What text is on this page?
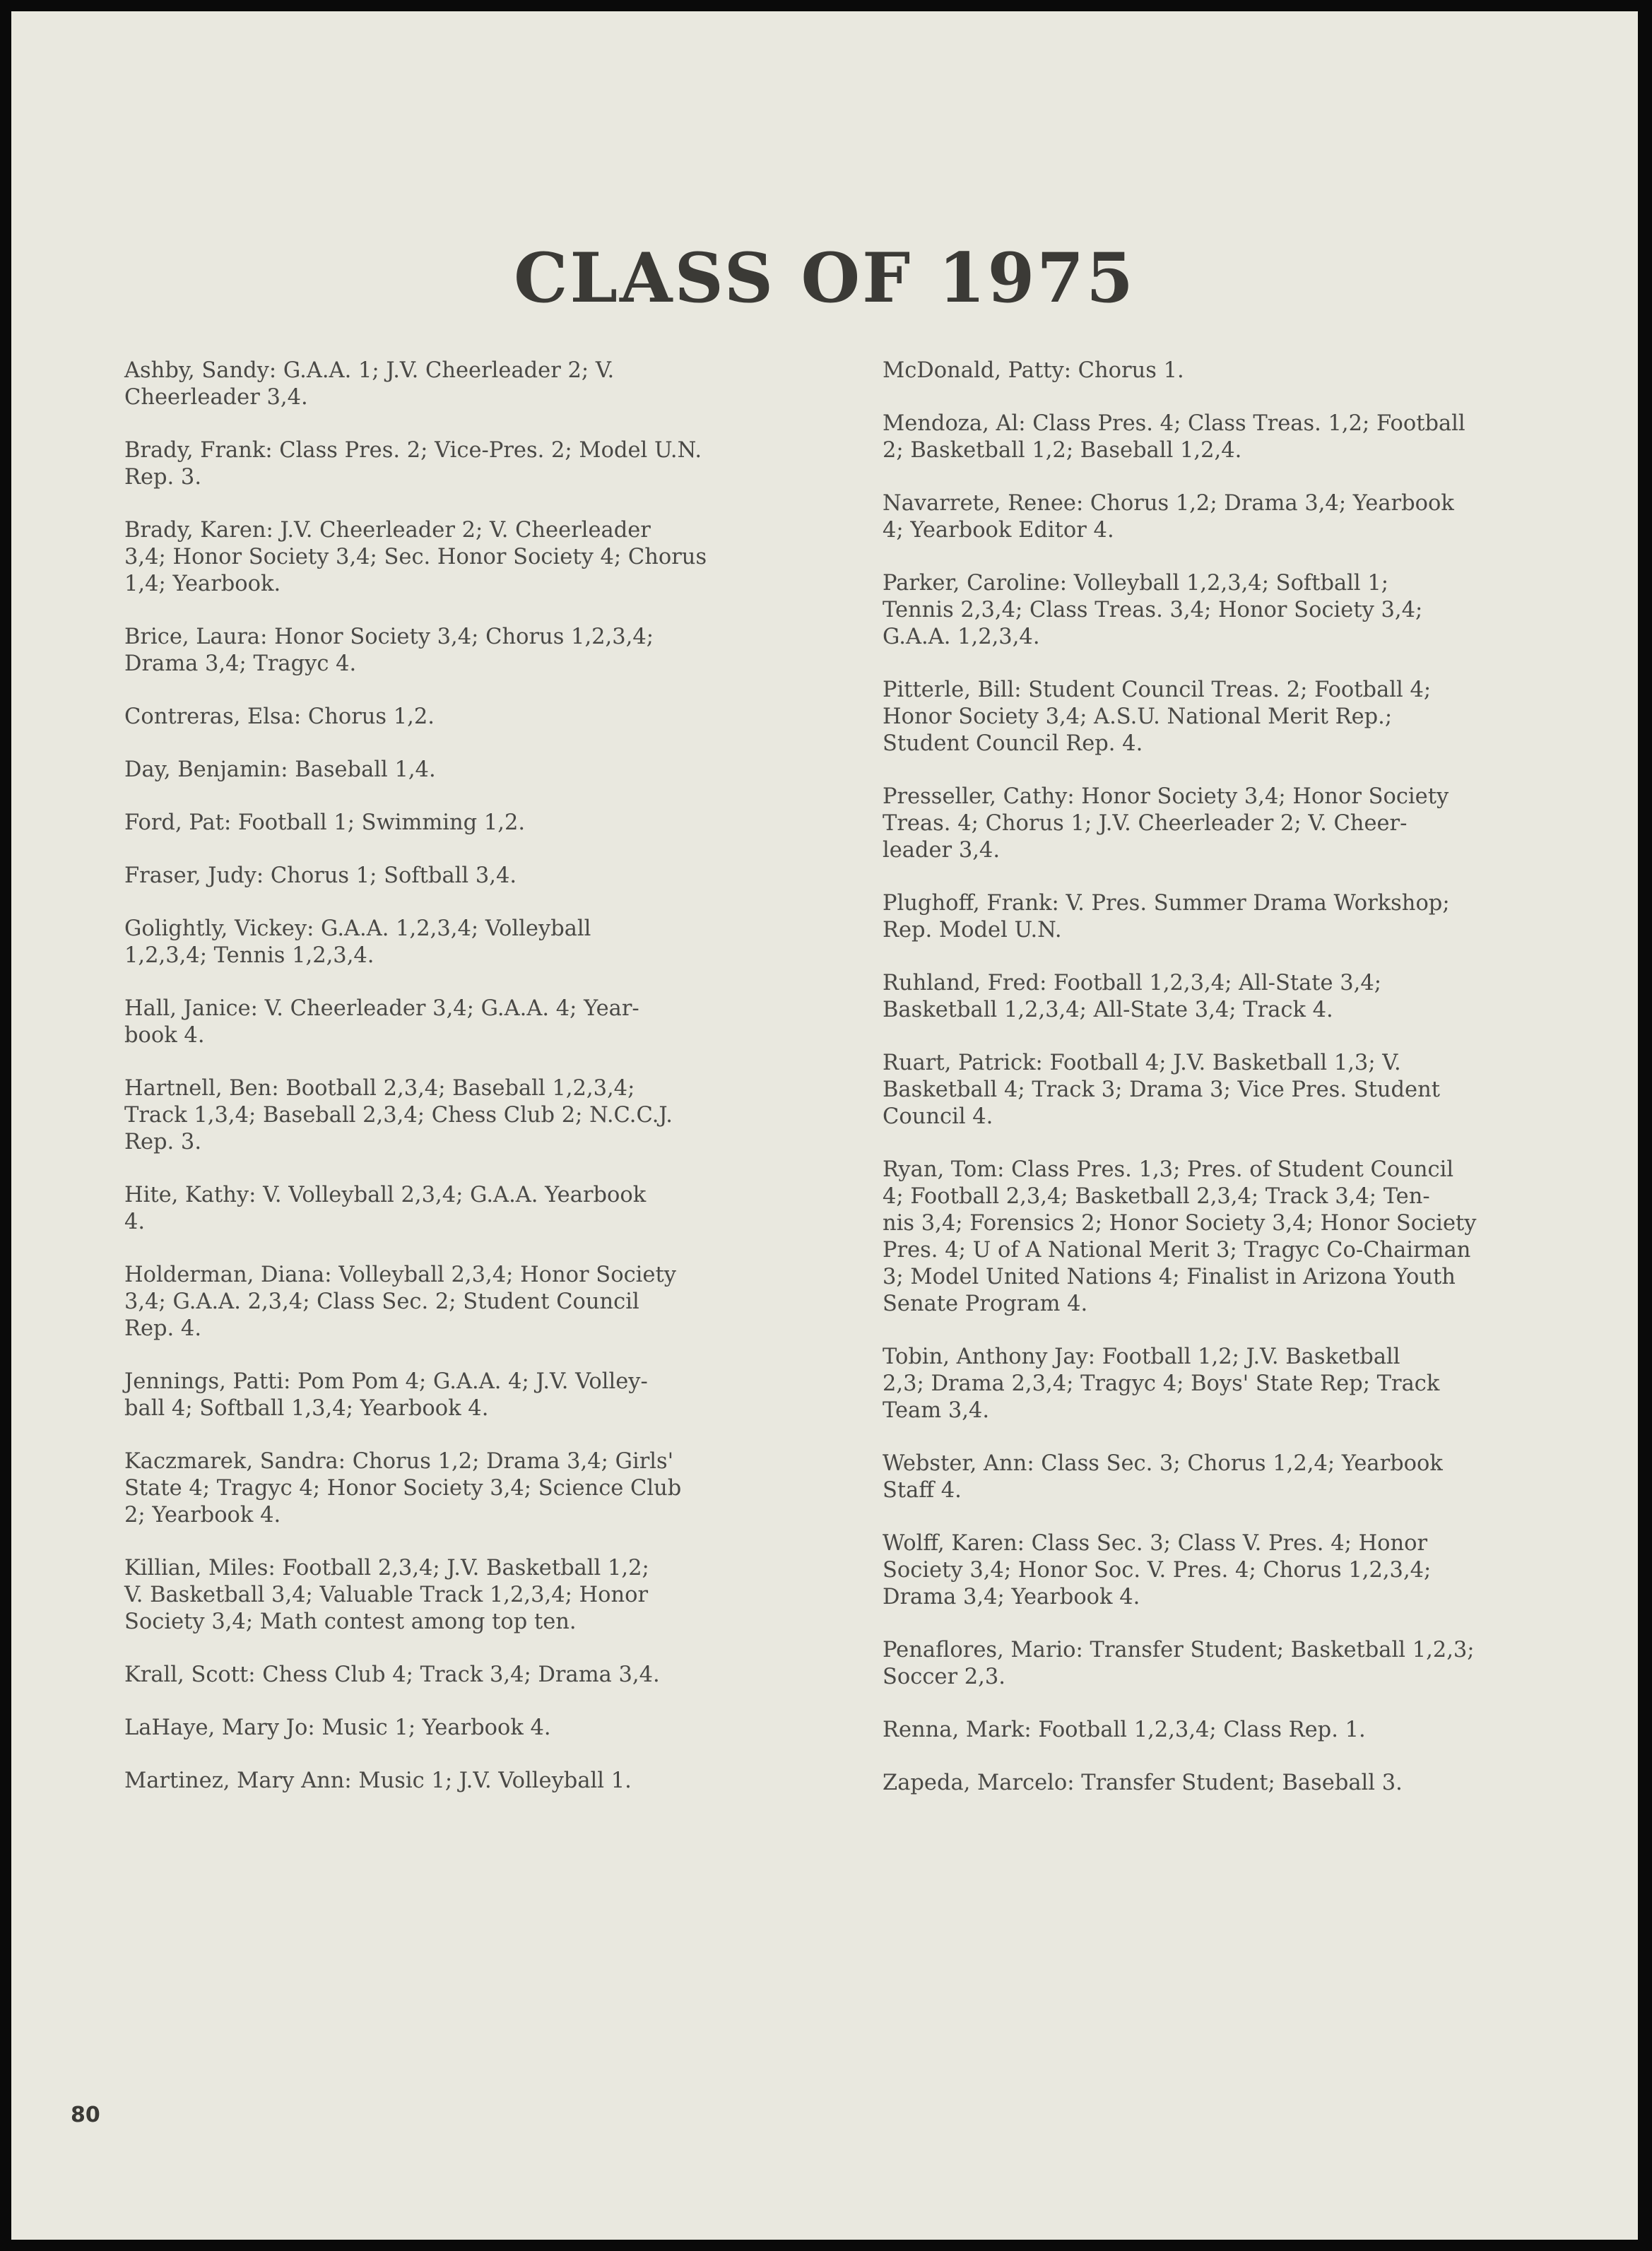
CLASS OF 1975

Ashby, Sandy: G.A.A. 1; J.V. Cheerleader 2; V.
Cheerleader 3,4.

Brady, Frank: Class Pres. 2; Vice-Pres. 2; Model U.N.
Rep. 3.

Brady, Karen: J.V. Cheerleader 2; V. Cheerleader
3,4; Honor Society 3,4; Sec. Honor Society 4; Chorus
1,4; Yearbook.

Brice, Laura: Honor Society 3,4; Chorus 1,2,3,4;
Drama 3,4; Tragyc 4.

Contreras, Elsa: Chorus 1,2.

Day, Benjamin: Baseball 1,4.

Ford, Pat: Football 1; Swimming 1,2.

Fraser, Judy: Chorus 1; Softball 3,4.

Golightly, Vickey: G.A.A. 1,2,3,4; Volleyball
1,2,3,4; Tennis 1,2,3,4.

Hall, Janice: V. Cheerleader 3,4; G.A.A. 4; Year-
book 4.

Hartnell, Ben: Bootball 2,3,4; Baseball 1,2,3,4;
Track 1,3,4; Baseball 2,3,4; Chess Club 2; N.C.C.J.
Rep. 3.

Hite, Kathy: V. Volleyball 2,3,4; G.A.A. Yearbook
4.

Holderman, Diana: Volleyball 2,3,4; Honor Society
3,4; G.A.A. 2,3,4; Class Sec. 2; Student Council
Rep. 4.

Jennings, Patti: Pom Pom 4; G.A.A. 4; J.V. Volley-
ball 4; Softball 1,3,4; Yearbook 4.

Kaczmarek, Sandra: Chorus 1,2; Drama 3,4; Girls'
State 4; Tragyc 4; Honor Society 3,4; Science Club
2; Yearbook 4.

Killian, Miles: Football 2,3,4; J.V. Basketball 1,2;
V. Basketball 3,4; Valuable Track 1,2,3,4; Honor
Society 3,4; Math contest among top ten.

Krall, Scott: Chess Club 4; Track 3,4; Drama 3,4.

LaHaye, Mary Jo: Music 1; Yearbook 4.

Martinez, Mary Ann: Music 1; J.V. Volleyball 1.

McDonald, Patty: Chorus 1.

Mendoza, Al: Class Pres. 4; Class Treas. 1,2; Football
2; Basketball 1,2; Baseball 1,2,4.

Navarrete, Renee: Chorus 1,2; Drama 3,4; Yearbook
4; Yearbook Editor 4.

Parker, Caroline: Volleyball 1,2,3,4; Softball 1;
Tennis 2,3,4; Class Treas. 3,4; Honor Society 3,4;
G.A.A. 1,2,3,4.

Pitterle, Bill: Student Council Treas. 2; Football 4;
Honor Society 3,4; A.S.U. National Merit Rep.;
Student Council Rep. 4.

Presseller, Cathy: Honor Society 3,4; Honor Society
Treas. 4; Chorus 1; J.V. Cheerleader 2; V. Cheer-
leader 3,4.

Plughoff, Frank: V. Pres. Summer Drama Workshop;
Rep. Model U.N.

Ruhland, Fred: Football 1,2,3,4; All-State 3,4;
Basketball 1,2,3,4; All-State 3,4; Track 4.

Ruart, Patrick: Football 4; J.V. Basketball 1,3; V.
Basketball 4; Track 3; Drama 3; Vice Pres. Student
Council 4.

Ryan, Tom: Class Pres. 1,3; Pres. of Student Council
4; Football 2,3,4; Basketball 2,3,4; Track 3,4; Ten-
nis 3,4; Forensics 2; Honor Society 3,4; Honor Society
Pres. 4; U of A National Merit 3; Tragyc Co-Chairman
3; Model United Nations 4; Finalist in Arizona Youth
Senate Program 4.

Tobin, Anthony Jay: Football 1,2; J.V. Basketball
2,3; Drama 2,3,4; Tragyc 4; Boys' State Rep; Track
Team 3,4.

Webster, Ann: Class Sec. 3; Chorus 1,2,4; Yearbook
Staff 4.

Wolff, Karen: Class Sec. 3; Class V. Pres. 4; Honor
Society 3,4; Honor Soc. V. Pres. 4; Chorus 1,2,3,4;
Drama 3,4; Yearbook 4.

Penaflores, Mario: Transfer Student; Basketball 1,2,3;
Soccer 2,3.

Renna, Mark: Football 1,2,3,4; Class Rep. 1.

Zapeda, Marcelo: Transfer Student; Baseball 3.

80
